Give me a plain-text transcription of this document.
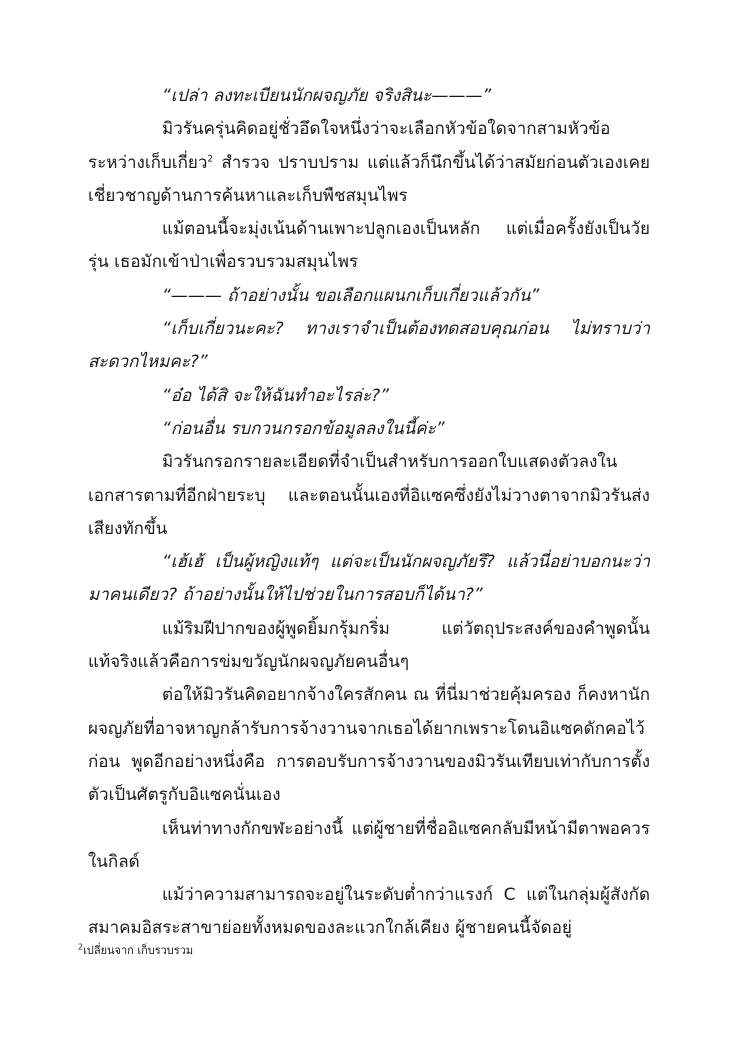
“เปล่า ลงทะเบียนนักผจญภัย จริงสินะ———”

มิวรันครุ่นคิดอยู่ชั่วอึดใจหนึ่งว่าจะเลือกหัวข้อใดจากสามหัวข้อระหว่างเก็บเกี่ยว$^2$ สำรวจ ปราบปราม แต่แล้วก็นึกขึ้นได้ว่าสมัยก่อนตัวเองเคยเชี่ยวชาญด้านการค้นหาและเก็บพืชสมุนไพร

แม้ตอนนี้จะมุ่งเน้นด้านเพาะปลูกเองเป็นหลัก แต่เมื่อครั้งยังเป็นวัยรุ่น เธอมักเข้าป่าเพื่อรวบรวมสมุนไพร

“——— ถ้าอย่างนั้น ขอเลือกแผนกเก็บเกี่ยวแล้วกัน”

“เก็บเกี่ยวนะคะ? ทางเราจำเป็นต้องทดสอบคุณก่อน ไม่ทราบว่าสะดวกไหมคะ?”

“อ๋อ ได้สิ จะให้ฉันทำอะไรล่ะ?”

“ก่อนอื่น รบกวนกรอกข้อมูลลงในนี้ค่ะ”

มิวรันกรอกรายละเอียดที่จำเป็นสำหรับการออกใบแสดงตัวลงในเอกสารตามที่อีกฝ่ายระบุ และตอนนั้นเองที่อิแซคซึ่งยังไม่วางตาจากมิวรันส่งเสียงทักขึ้น

“เฮ้เฮ้ เป็นผู้หญิงแท้ๆ แต่จะเป็นนักผจญภัยรึ? แล้วนี่อย่าบอกนะว่ามาคนเดียว? ถ้าอย่างนั้นให้ไปช่วยในการสอบก็ได้นา?”

แม้ริมฝีปากของผู้พูดยิ้มกรุ้มกริ่ม แต่วัตถุประสงค์ของคำพูดนั้นแท้จริงแล้วคือการข่มขวัญนักผจญภัยคนอื่นๆ

ต่อให้มิวรันคิดอยากจ้างใครสักคน ณ ที่นี่มาช่วยคุ้มครอง ก็คงหานักผจญภัยที่อาจหาญกล้ารับการจ้างวานจากเธอได้ยากเพราะโดนอิแซคดักคอไว้ก่อน พูดอีกอย่างหนึ่งคือ การตอบรับการจ้างวานของมิวรันเทียบเท่ากับการตั้งตัวเป็นศัตรูกับอิแซคนั่นเอง

เห็นท่าทางกักขฬะอย่างนี้ แต่ผู้ชายที่ชื่ออิแซคกลับมีหน้ามีตาพอควรในกิลด์

แม้ว่าความสามารถจะอยู่ในระดับต่ำกว่าแรงก์ C แต่ในกลุ่มผู้สังกัดสมาคมอิสระสาขาย่อยทั้งหมดของละแวกใกล้เคียง ผู้ชายคนนี้จัดอยู่

$^2$เปลี่ยนจาก เก็บรวบรวม
